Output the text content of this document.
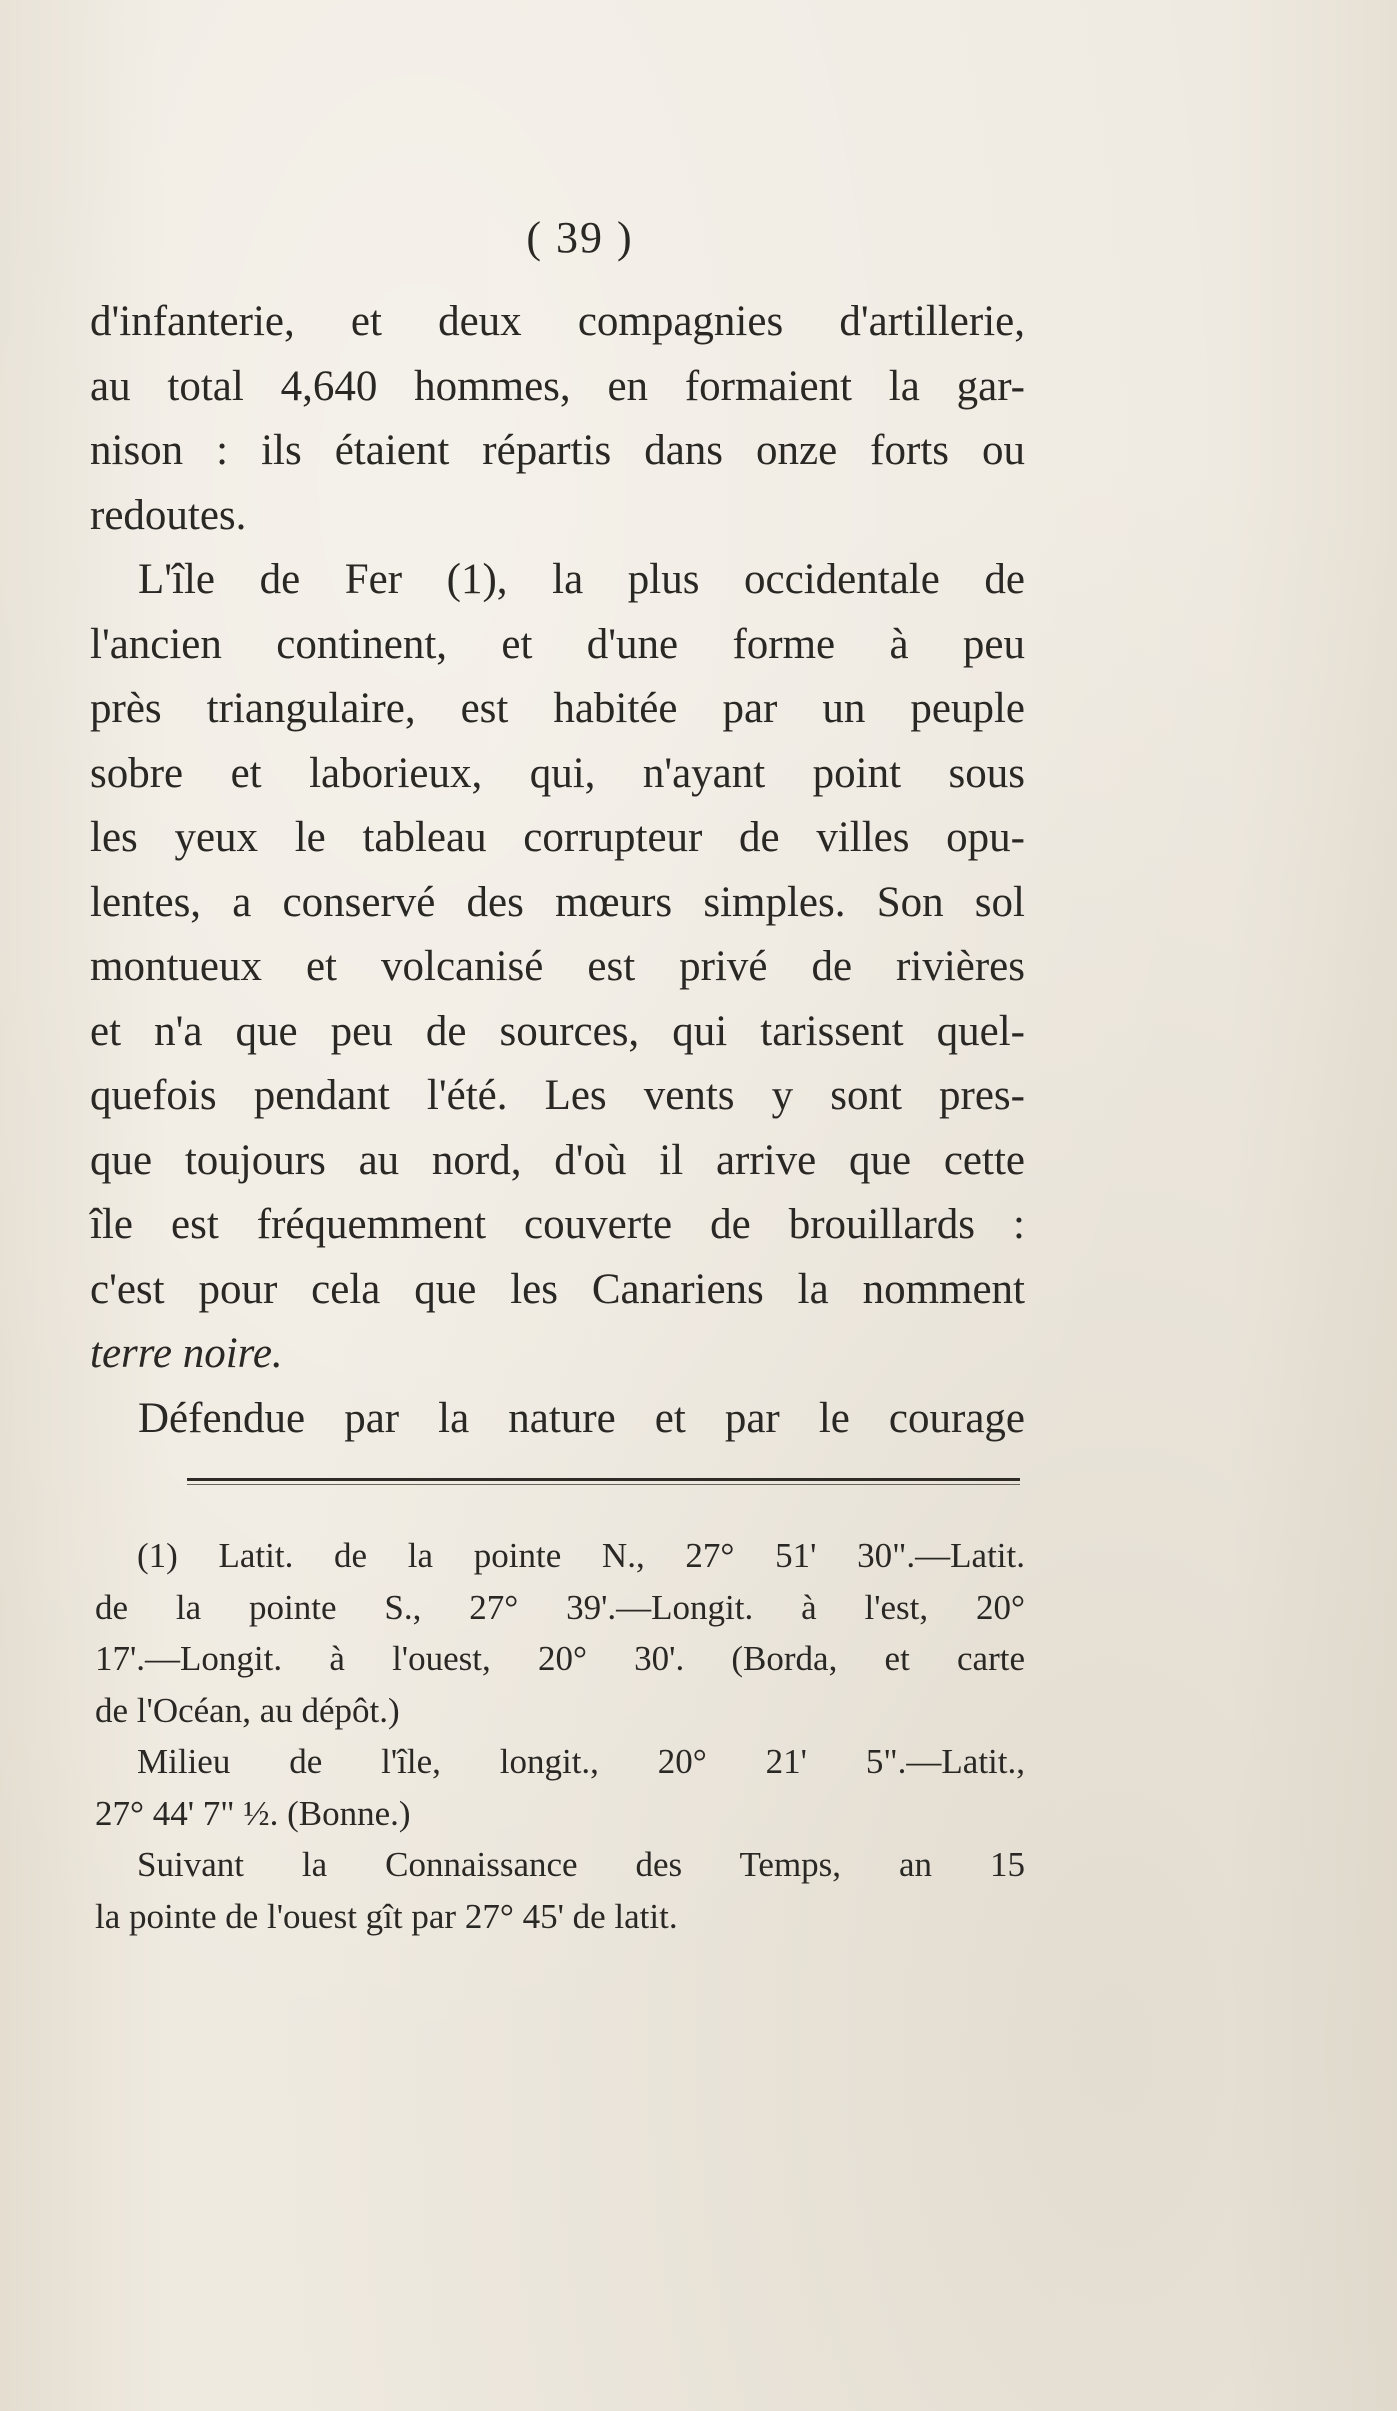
( 39 )
d'infanterie, et deux compagnies d'artillerie,
au total 4,640 hommes, en formaient la gar-
nison : ils étaient répartis dans onze forts ou
redoutes.
L'île de Fer (1), la plus occidentale de
l'ancien continent, et d'une forme à peu
près triangulaire, est habitée par un peuple
sobre et laborieux, qui, n'ayant point sous
les yeux le tableau corrupteur de villes opu-
lentes, a conservé des mœurs simples. Son sol
montueux et volcanisé est privé de rivières
et n'a que peu de sources, qui tarissent quel-
quefois pendant l'été. Les vents y sont pres-
que toujours au nord, d'où il arrive que cette
île est fréquemment couverte de brouillards :
c'est pour cela que les Canariens la nomment
terre noire.
Défendue par la nature et par le courage
(1) Latit. de la pointe N., 27° 51' 30".—Latit.
de la pointe S., 27° 39'.—Longit. à l'est, 20°
17'.—Longit. à l'ouest, 20° 30'. (Borda, et carte
de l'Océan, au dépôt.)
Milieu de l'île, longit., 20° 21' 5".—Latit.,
27° 44' 7" ½. (Bonne.)
Suivant la Connaissance des Temps, an 15
la pointe de l'ouest gît par 27° 45' de latit.
